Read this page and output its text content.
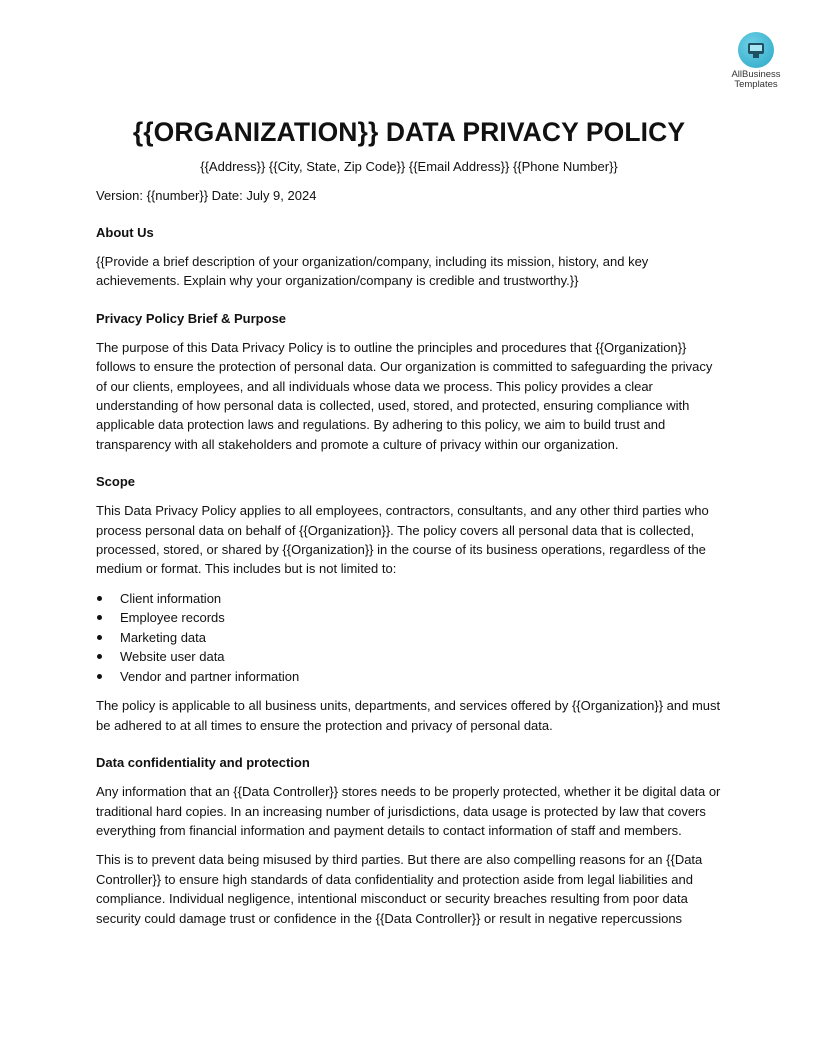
AllBusiness
Templates
{{ORGANIZATION}} DATA PRIVACY POLICY
{{Address}} {{City, State, Zip Code}} {{Email Address}} {{Phone Number}}
Version: {{number}} Date: July 9, 2024
About Us

{{Provide a brief description of your organization/company, including its mission, history, and key achievements. Explain why your organization/company is credible and trustworthy.}}

Privacy Policy Brief & Purpose

The purpose of this Data Privacy Policy is to outline the principles and procedures that {{Organization}} follows to ensure the protection of personal data. Our organization is committed to safeguarding the privacy of our clients, employees, and all individuals whose data we process. This policy provides a clear understanding of how personal data is collected, used, stored, and protected, ensuring compliance with applicable data protection laws and regulations. By adhering to this policy, we aim to build trust and transparency with all stakeholders and promote a culture of privacy within our organization.

Scope

This Data Privacy Policy applies to all employees, contractors, consultants, and any other third parties who process personal data on behalf of {{Organization}}. The policy covers all personal data that is collected, processed, stored, or shared by {{Organization}} in the course of its business operations, regardless of the medium or format. This includes but is not limited to:

Client information
Employee records
Marketing data
Website user data
Vendor and partner information

The policy is applicable to all business units, departments, and services offered by {{Organization}} and must be adhered to at all times to ensure the protection and privacy of personal data.

Data confidentiality and protection

Any information that an {{Data Controller}} stores needs to be properly protected, whether it be digital data or traditional hard copies. In an increasing number of jurisdictions, data usage is protected by law that covers everything from financial information and payment details to contact information of staff and members.

This is to prevent data being misused by third parties. But there are also compelling reasons for an {{Data Controller}} to ensure high standards of data confidentiality and protection aside from legal liabilities and compliance. Individual negligence, intentional misconduct or security breaches resulting from poor data security could damage trust or confidence in the {{Data Controller}} or result in negative repercussions
